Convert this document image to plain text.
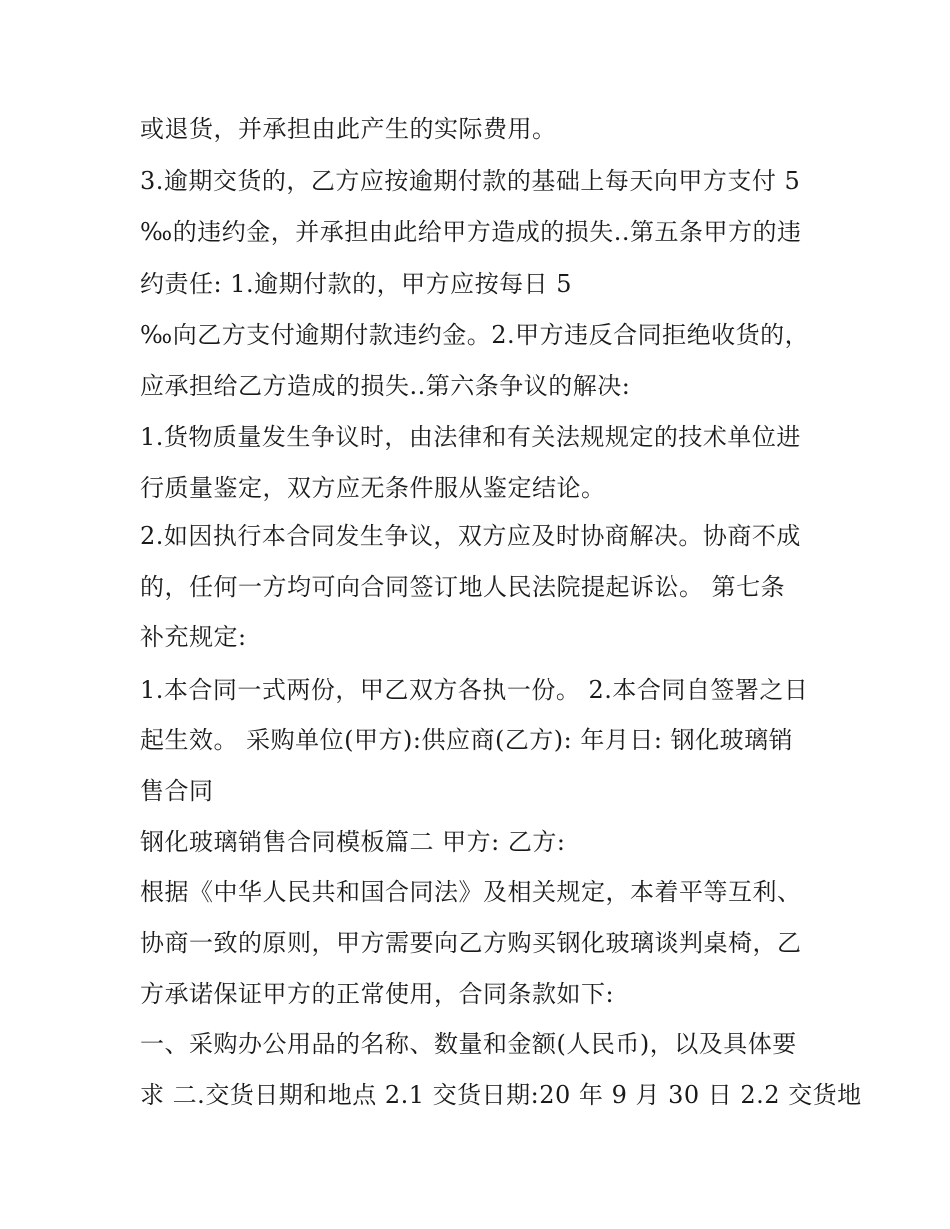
或退货，并承担由此产生的实际费用。
3.逾期交货的，乙方应按逾期付款的基础上每天向甲方支付 5
‰的违约金，并承担由此给甲方造成的损失..第五条甲方的违
约责任: 1.逾期付款的，甲方应按每日 5
‰向乙方支付逾期付款违约金。2.甲方违反合同拒绝收货的，
应承担给乙方造成的损失..第六条争议的解决:
1.货物质量发生争议时，由法律和有关法规规定的技术单位进
行质量鉴定，双方应无条件服从鉴定结论。
2.如因执行本合同发生争议，双方应及时协商解决。协商不成
的，任何一方均可向合同签订地人民法院提起诉讼。 第七条
补充规定:
1.本合同一式两份，甲乙双方各执一份。 2.本合同自签署之日
起生效。 采购单位(甲方):供应商(乙方): 年月日: 钢化玻璃销
售合同
钢化玻璃销售合同模板篇二 甲方: 乙方:
根据《中华人民共和国合同法》及相关规定，本着平等互利、
协商一致的原则，甲方需要向乙方购买钢化玻璃谈判桌椅，乙
方承诺保证甲方的正常使用，合同条款如下:
一、采购办公用品的名称、数量和金额(人民币)，以及具体要
求 二.交货日期和地点 2.1 交货日期:20 年 9 月 30 日 2.2 交货地
